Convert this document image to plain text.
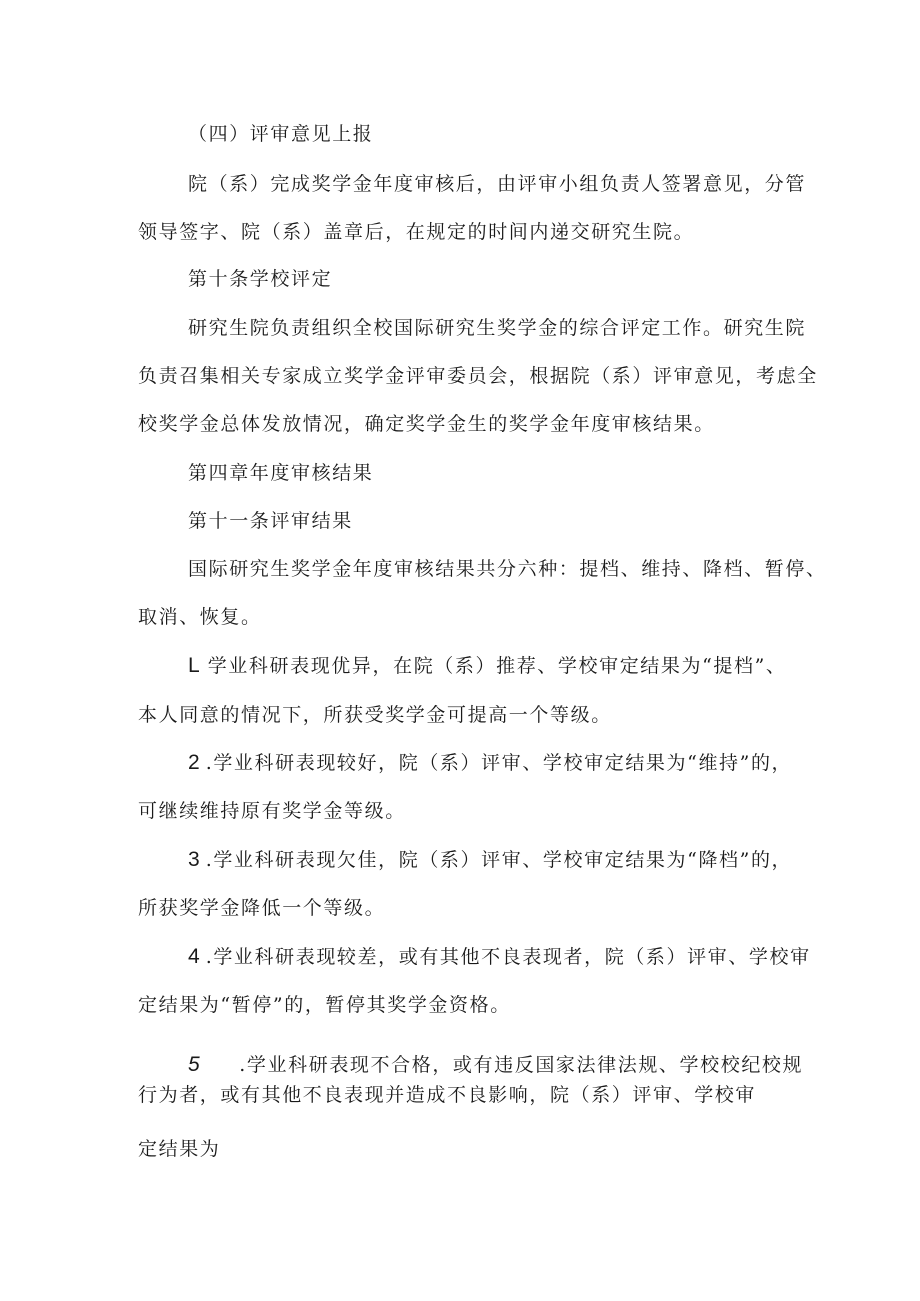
（四）评审意见上报
院（系）完成奖学金年度审核后，由评审小组负责人签署意见，分管
领导签字、院（系）盖章后，在规定的时间内递交研究生院。
第十条学校评定
研究生院负责组织全校国际研究生奖学金的综合评定工作。研究生院
负责召集相关专家成立奖学金评审委员会，根据院（系）评审意见，考虑全
校奖学金总体发放情况，确定奖学金生的奖学金年度审核结果。
第四章年度审核结果
第十一条评审结果
国际研究生奖学金年度审核结果共分六种：提档、维持、降档、暂停、
取消、恢复。
L 学业科研表现优异，在院（系）推荐、学校审定结果为“提档”、
本人同意的情况下，所获受奖学金可提高一个等级。
2 .学业科研表现较好，院（系）评审、学校审定结果为“维持”的，
可继续维持原有奖学金等级。
3 .学业科研表现欠佳，院（系）评审、学校审定结果为“降档”的，
所获奖学金降低一个等级。
4 .学业科研表现较差，或有其他不良表现者，院（系）评审、学校审
定结果为“暂停”的，暂停其奖学金资格。
5 .学业科研表现不合格，或有违反国家法律法规、学校校纪校规
行为者，或有其他不良表现并造成不良影响，院（系）评审、学校审
定结果为
